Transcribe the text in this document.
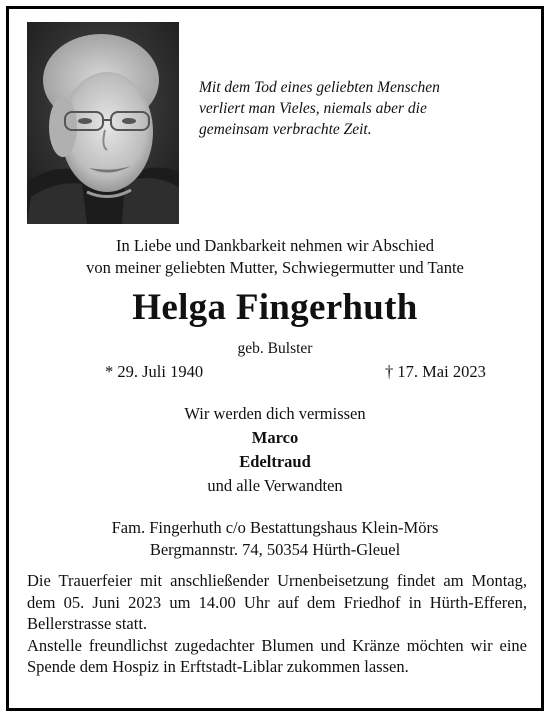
Mit dem Tod eines geliebten Menschen
verliert man Vieles, niemals aber die
gemeinsam verbrachte Zeit.
In Liebe und Dankbarkeit nehmen wir Abschied
von meiner geliebten Mutter, Schwiegermutter und Tante
Helga Fingerhuth
geb. Bulster
* 29. Juli 1940	† 17. Mai 2023
Wir werden dich vermissen
Marco
Edeltraud
und alle Verwandten
Fam. Fingerhuth c/o Bestattungshaus Klein-Mörs
Bergmannstr. 74, 50354 Hürth-Gleuel

Die Trauerfeier mit anschließender Urnenbeisetzung findet am Montag, dem 05. Juni 2023 um 14.00 Uhr auf dem Friedhof in Hürth-Efferen, Bellerstrasse statt.

Anstelle freundlichst zugedachter Blumen und Kränze möchten wir eine Spende dem Hospiz in Erftstadt-Liblar zukommen lassen.
